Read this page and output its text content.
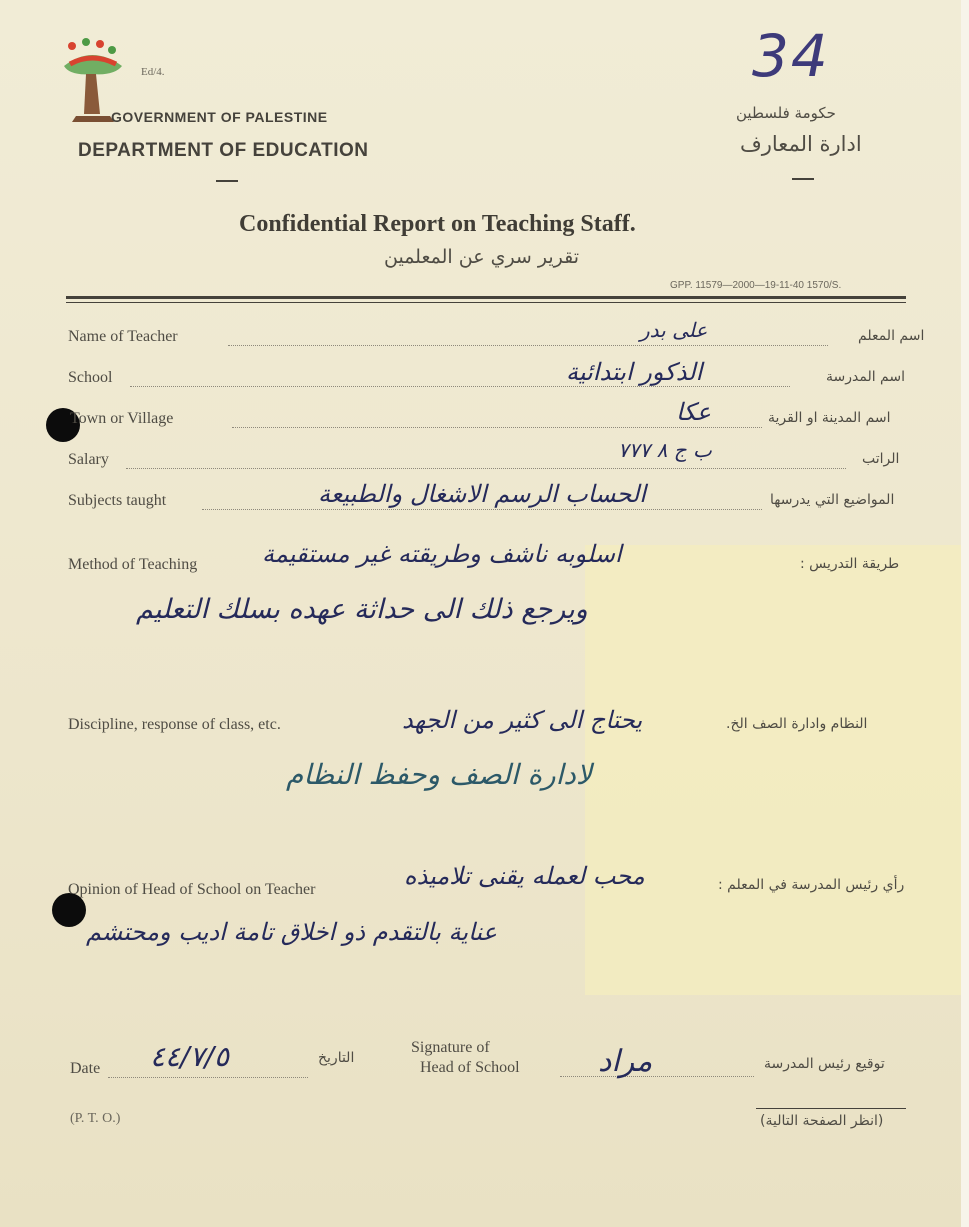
34
Ed/4.
GOVERNMENT OF PALESTINE
DEPARTMENT OF EDUCATION
حكومة فلسطين
ادارة المعارف
Confidential Report on Teaching Staff.
تقرير سري عن المعلمين
GPP. 11579—2000—19-11-40 1570/S.
Name of Teacher	على بدر	اسم المعلم
School	الذكور ابتدائية	اسم المدرسة
Town or Village	عكا	اسم المدينة او القرية
Salary	ب ج ٨ ٧٧٧	الراتب
Subjects taught	الحساب الرسم الاشغال والطبيعة	المواضيع التي يدرسها
Method of Teaching	طريقة التدريس :
اسلوبه ناشف وطريقته غير مستقيمة
ويرجع ذلك الى حداثة عهده بسلك التعليم
Discipline, response of class, etc.	النظام وادارة الصف الخ.
يحتاج الى كثير من الجهد
لادارة الصف وحفظ النظام
Opinion of Head of School on Teacher	رأي رئيس المدرسة في المعلم :
محب لعمله يقنى تلاميذه
عناية بالتقدم ذو اخلاق تامة اديب ومحتشم
Date ٤٤/٧/٥	التاريخ
Signature of
Head of School	مراد	توقيع رئيس المدرسة
(P. T. O.)	(انظر الصفحة التالية)
